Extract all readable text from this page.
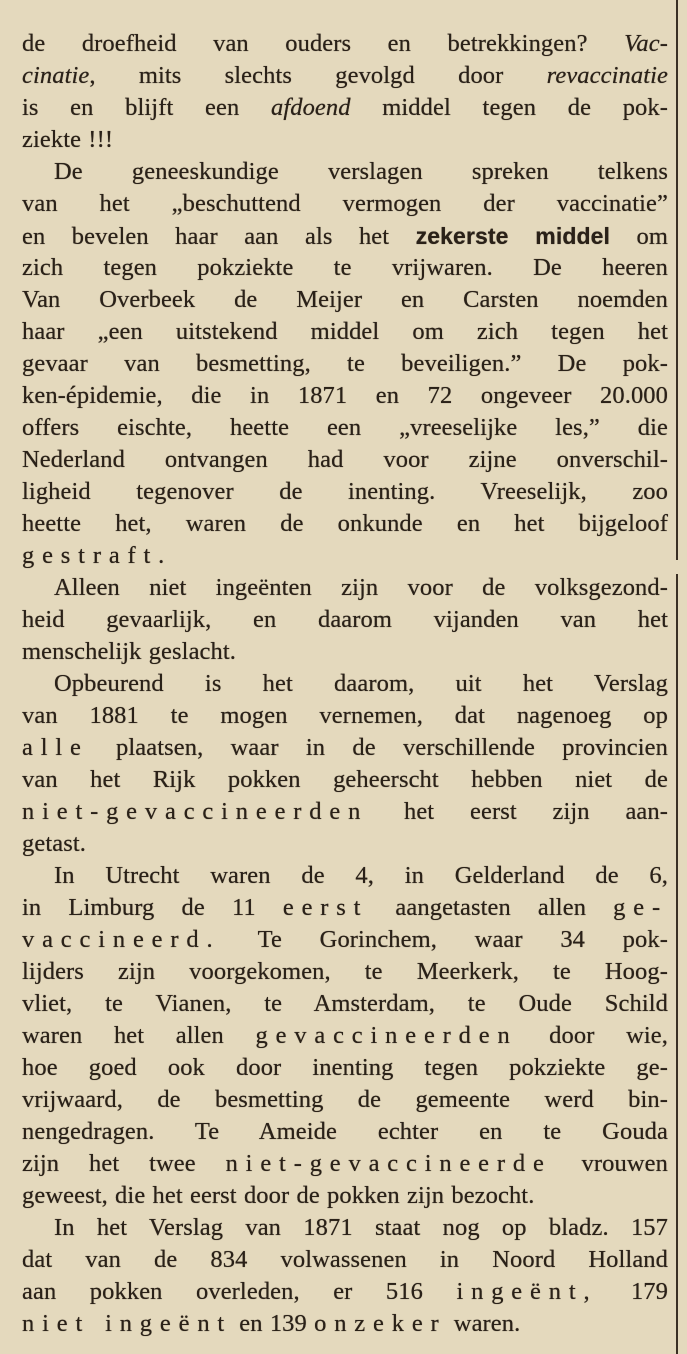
de droefheid van ouders en betrekkingen? Vac-
cinatie, mits slechts gevolgd door revaccinatie
is en blijft een afdoend middel tegen de pok-
ziekte !!!
De geneeskundige verslagen spreken telkens
van het „beschuttend vermogen der vaccinatie”
en bevelen haar aan als het zekerste middel om
zich tegen pokziekte te vrijwaren. De heeren
Van Overbeek de Meijer en Carsten noemden
haar „een uitstekend middel om zich tegen het
gevaar van besmetting, te beveiligen.” De pok-
ken-épidemie, die in 1871 en 72 ongeveer 20.000
offers eischte, heette een „vreeselijke les,” die
Nederland ontvangen had voor zijne onverschil-
ligheid tegenover de inenting. Vreeselijk, zoo
heette het, waren de onkunde en het bijgeloof
gestraft.
Alleen niet ingeënten zijn voor de volksgezond-
heid gevaarlijk, en daarom vijanden van het
menschelijk geslacht.
Opbeurend is het daarom, uit het Verslag
van 1881 te mogen vernemen, dat nagenoeg op
alle plaatsen, waar in de verschillende provincien
van het Rijk pokken geheerscht hebben niet de
niet-gevaccineerden het eerst zijn aan-
getast.
In Utrecht waren de 4, in Gelderland de 6,
in Limburg de 11 eerst aangetasten allen ge-
vaccineerd. Te Gorinchem, waar 34 pok-
lijders zijn voorgekomen, te Meerkerk, te Hoog-
vliet, te Vianen, te Amsterdam, te Oude Schild
waren het allen gevaccineerden door wie,
hoe goed ook door inenting tegen pokziekte ge-
vrijwaard, de besmetting de gemeente werd bin-
nengedragen. Te Ameide echter en te Gouda
zijn het twee niet-gevaccineerde vrouwen
geweest, die het eerst door de pokken zijn bezocht.
In het Verslag van 1871 staat nog op bladz. 157
dat van de 834 volwassenen in Noord Holland
aan pokken overleden, er 516 ingeënt, 179
niet ingeënt en 139 onzeker waren.
